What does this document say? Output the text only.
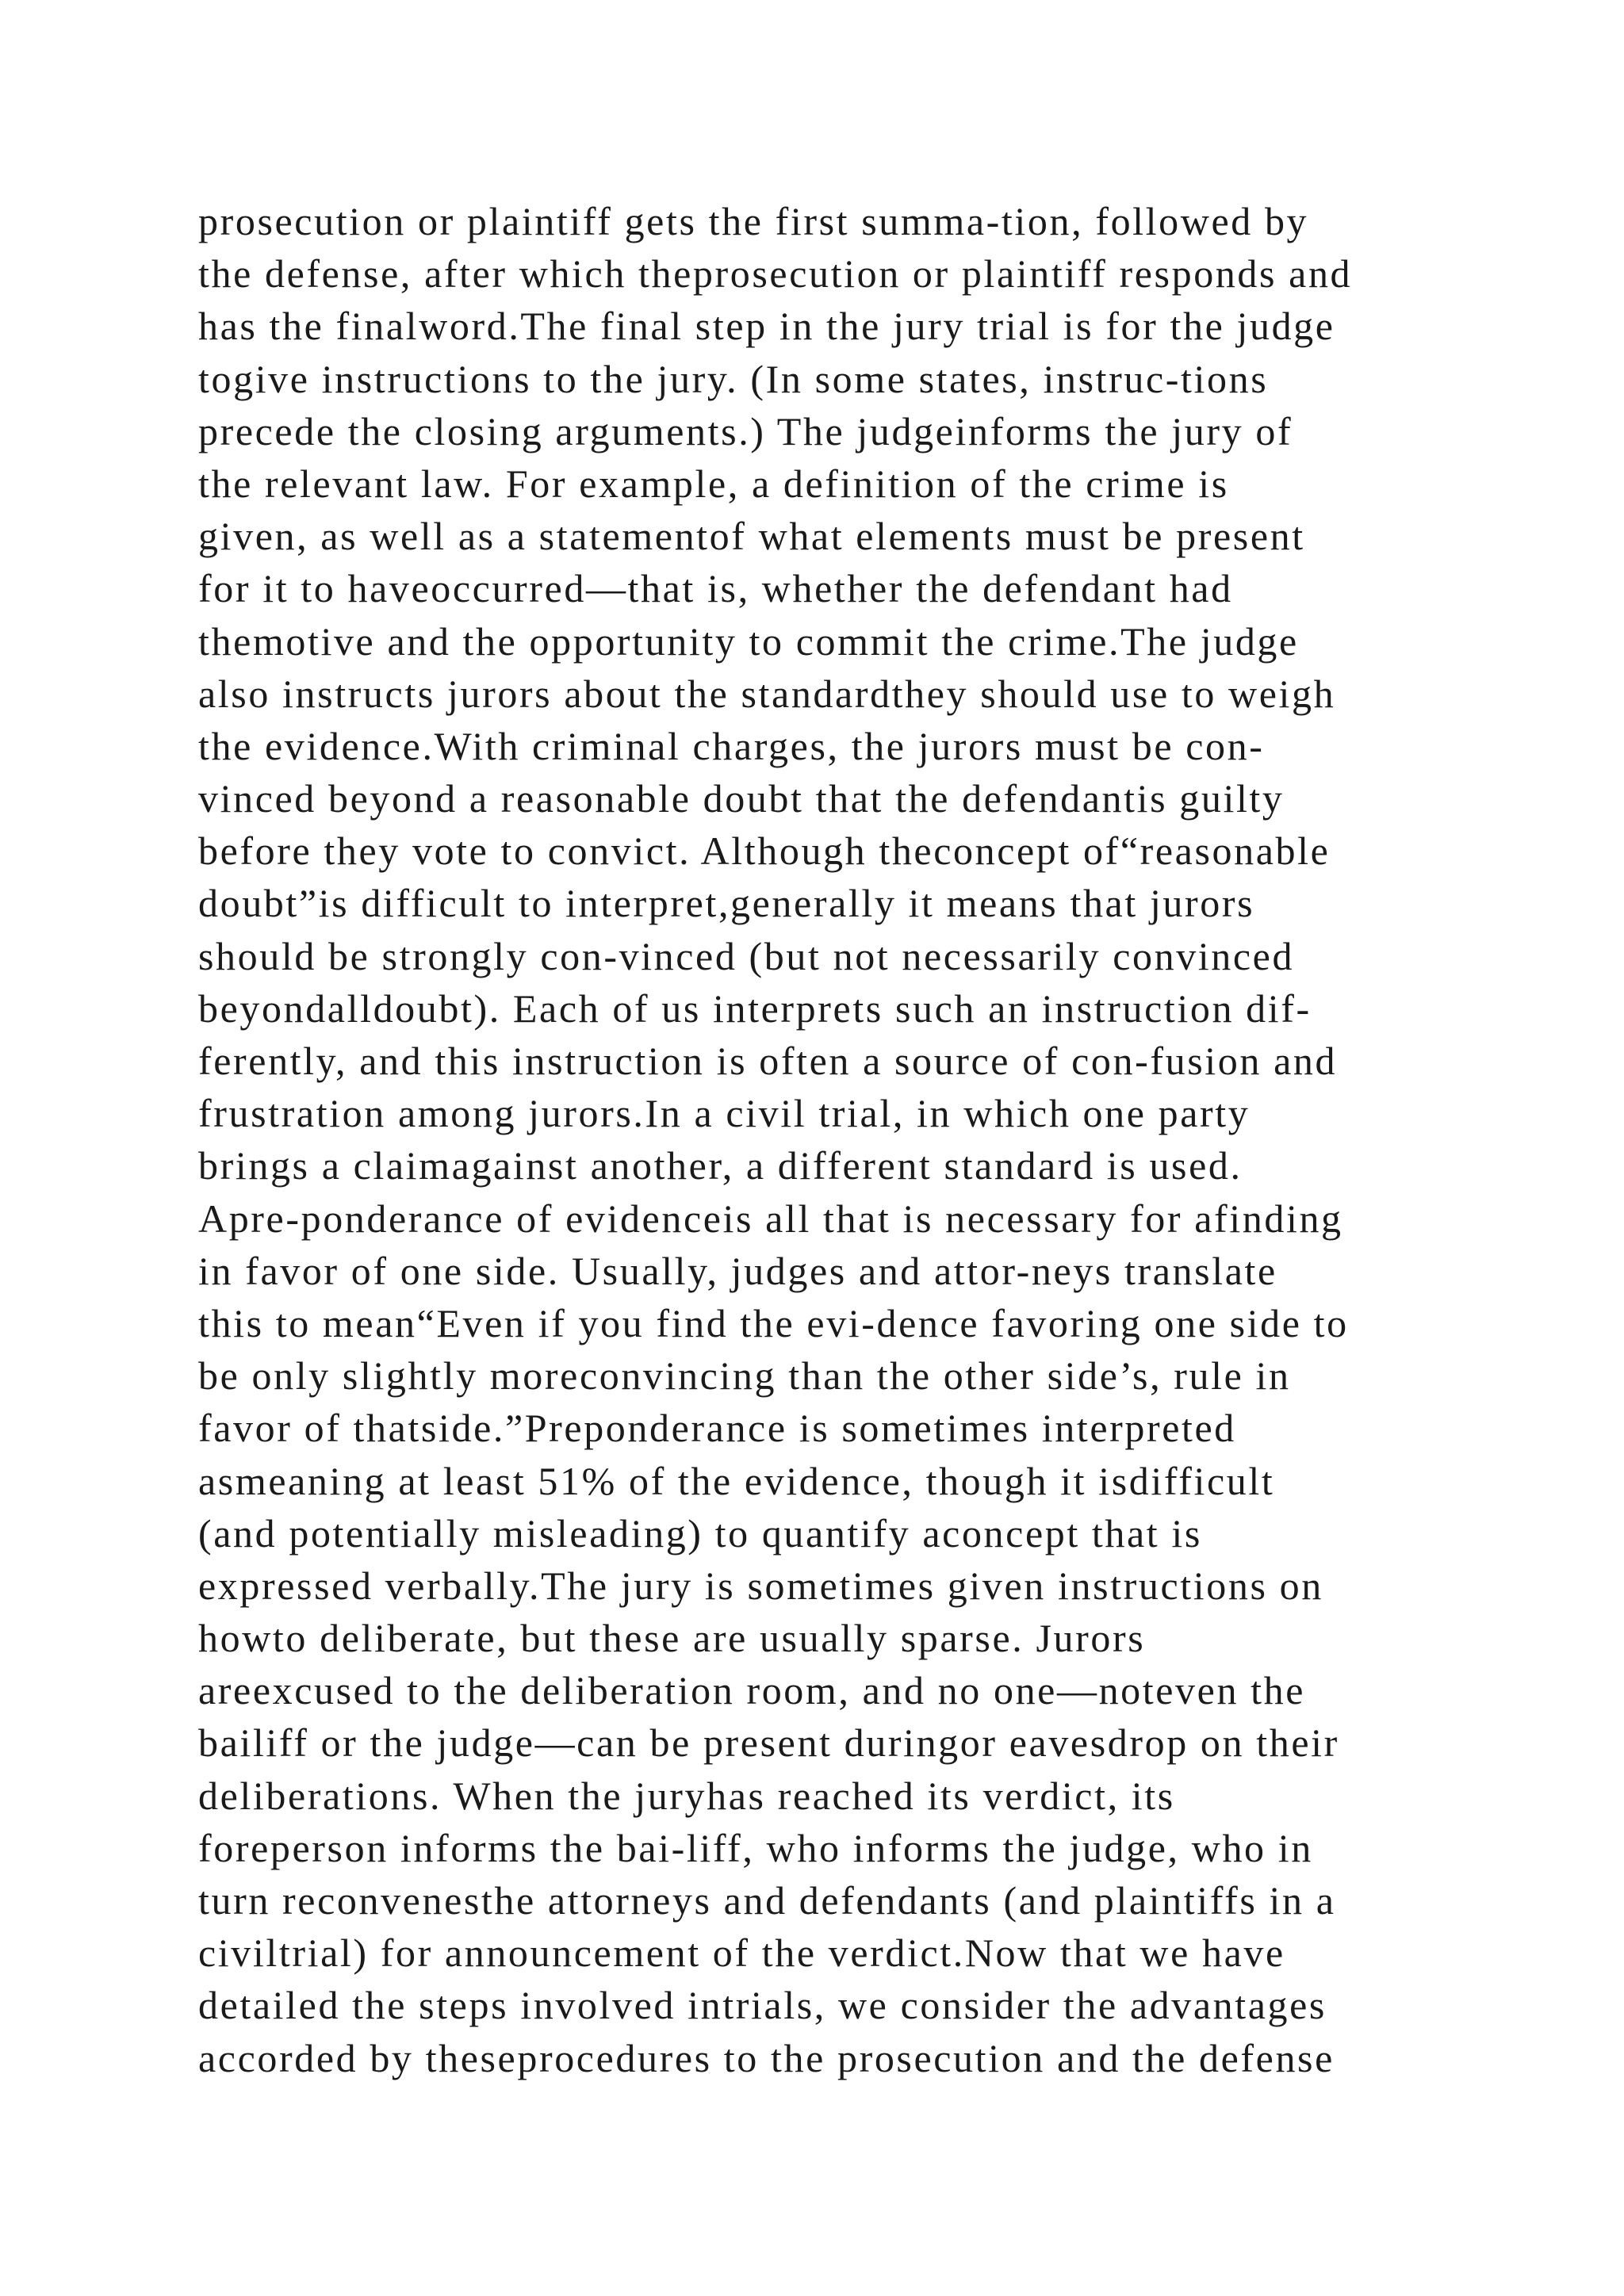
prosecution or plaintiff gets the first summa-tion, followed by
the defense, after which theprosecution or plaintiff responds and
has the finalword.The final step in the jury trial is for the judge
togive instructions to the jury. (In some states, instruc-tions
precede the closing arguments.) The judgeinforms the jury of
the relevant law. For example, a definition of the crime is
given, as well as a statementof what elements must be present
for it to haveoccurred—that is, whether the defendant had
themotive and the opportunity to commit the crime.The judge
also instructs jurors about the standardthey should use to weigh
the evidence.With criminal charges, the jurors must be con-
vinced beyond a reasonable doubt that the defendantis guilty
before they vote to convict. Although theconcept of“reasonable
doubt”is difficult to interpret,generally it means that jurors
should be strongly con-vinced (but not necessarily convinced
beyondalldoubt). Each of us interprets such an instruction dif-
ferently, and this instruction is often a source of con-fusion and
frustration among jurors.In a civil trial, in which one party
brings a claimagainst another, a different standard is used.
Apre-ponderance of evidenceis all that is necessary for afinding
in favor of one side. Usually, judges and attor-neys translate
this to mean“Even if you find the evi-dence favoring one side to
be only slightly moreconvincing than the other side’s, rule in
favor of thatside.”Preponderance is sometimes interpreted
asmeaning at least 51% of the evidence, though it isdifficult
(and potentially misleading) to quantify aconcept that is
expressed verbally.The jury is sometimes given instructions on
howto deliberate, but these are usually sparse. Jurors
areexcused to the deliberation room, and no one—noteven the
bailiff or the judge—can be present duringor eavesdrop on their
deliberations. When the juryhas reached its verdict, its
foreperson informs the bai-liff, who informs the judge, who in
turn reconvenesthe attorneys and defendants (and plaintiffs in a
civiltrial) for announcement of the verdict.Now that we have
detailed the steps involved intrials, we consider the advantages
accorded by theseprocedures to the prosecution and the defense
